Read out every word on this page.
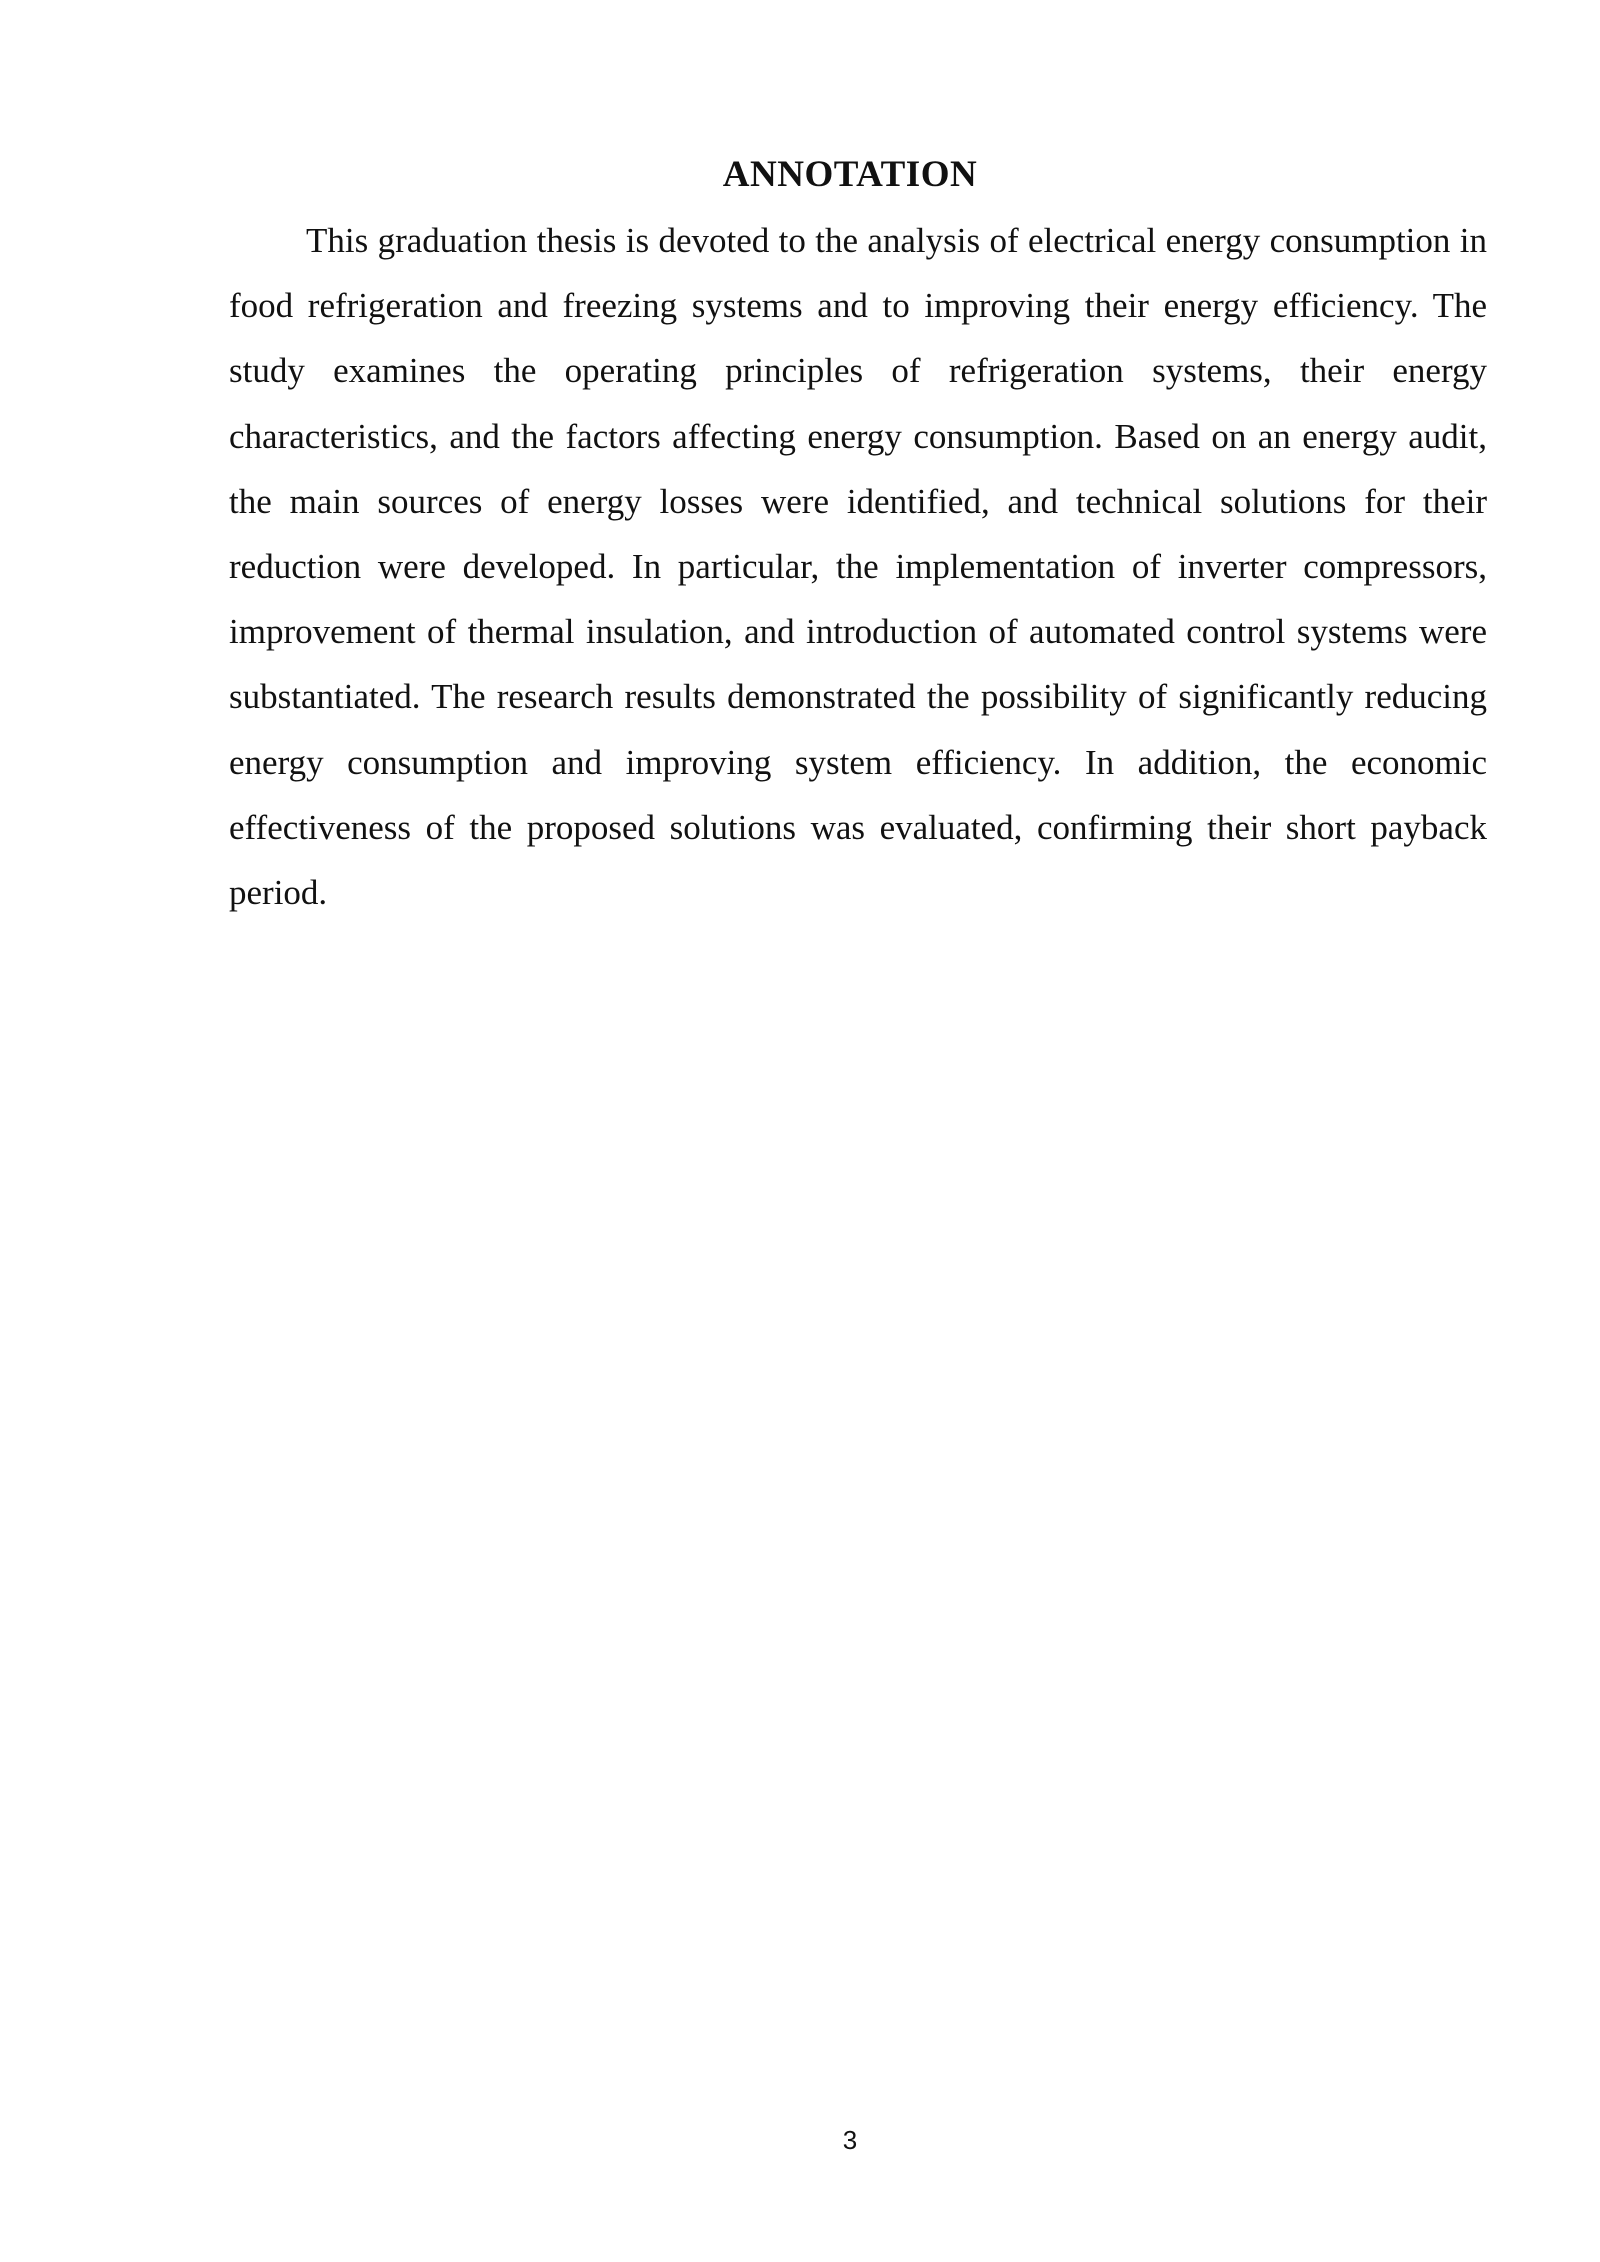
ANNOTATION

This graduation thesis is devoted to the analysis of electrical energy consumption in food refrigeration and freezing systems and to improving their energy efficiency. The study examines the operating principles of refrigeration systems, their energy characteristics, and the factors affecting energy consumption. Based on an energy audit, the main sources of energy losses were identified, and technical solutions for their reduction were developed. In particular, the implementation of inverter compressors, improvement of thermal insulation, and introduction of automated control systems were substantiated. The research results demonstrated the possibility of significantly reducing energy consumption and improving system efficiency. In addition, the economic effectiveness of the proposed solutions was evaluated, confirming their short payback period.

3
